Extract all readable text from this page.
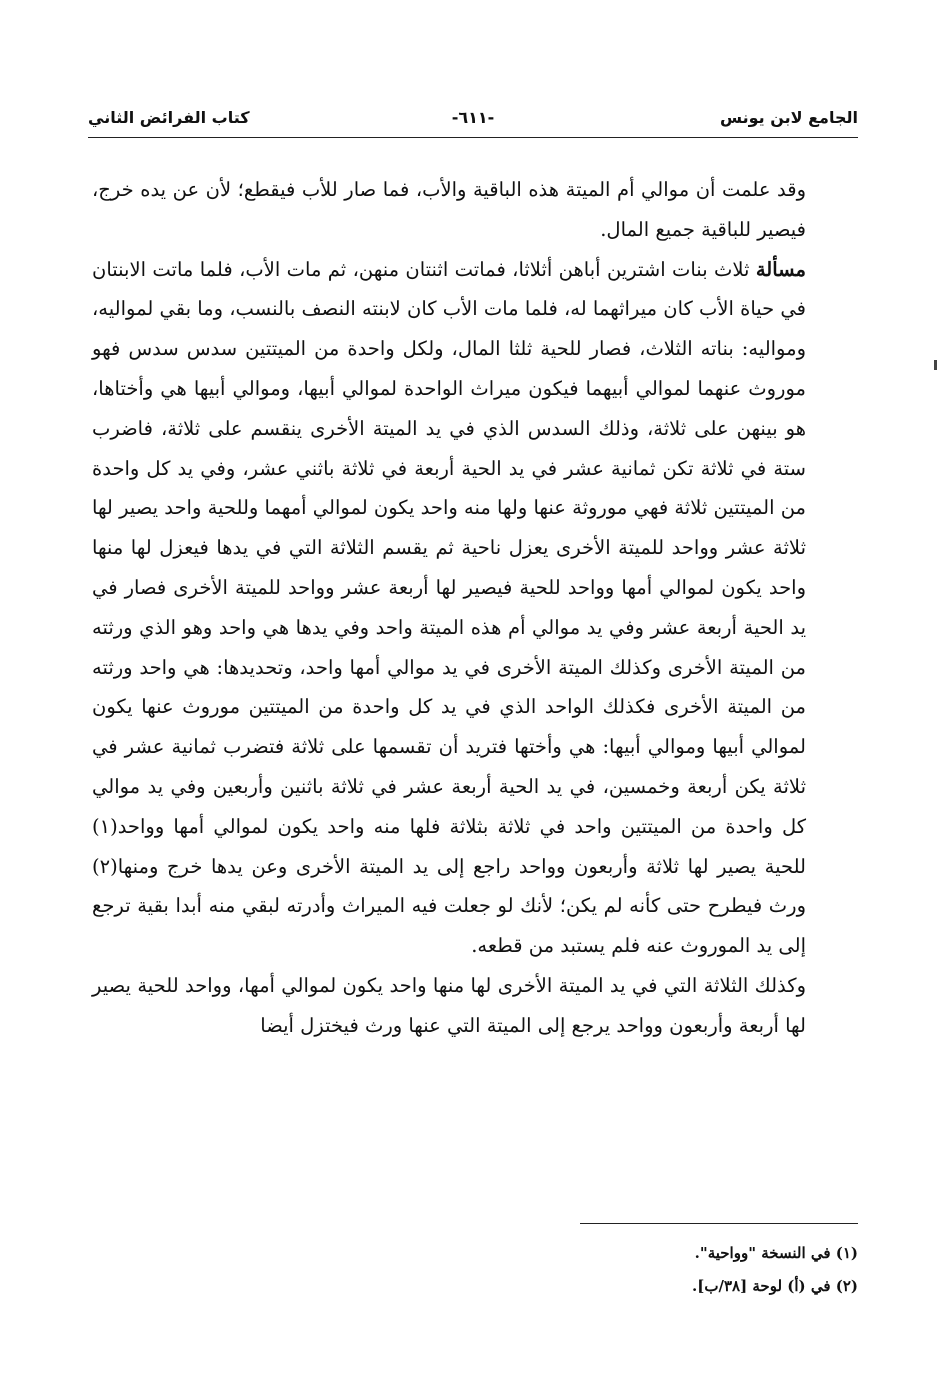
الجامع لابن يونس
-٦١١-
كتاب الفرائض الثاني

وقد علمت أن موالي أم الميتة هذه الباقية والأب، فما صار للأب فيقطع؛ لأن عن يده خرج، فيصير للباقية جميع المال.

مسألة ثلاث بنات اشترين أباهن أثلاثا، فماتت اثنتان منهن، ثم مات الأب، فلما ماتت الابنتان في حياة الأب كان ميراثهما له، فلما مات الأب كان لابنته النصف بالنسب، وما بقي لمواليه، ومواليه: بناته الثلاث، فصار للحية ثلثا المال، ولكل واحدة من الميتتين سدس سدس فهو موروث عنهما لموالي أبيهما فيكون ميراث الواحدة لموالي أبيها، وموالي أبيها هي وأختاها، هو بينهن على ثلاثة، وذلك السدس الذي في يد الميتة الأخرى ينقسم على ثلاثة، فاضرب ستة في ثلاثة تكن ثمانية عشر في يد الحية أربعة في ثلاثة باثني عشر، وفي يد كل واحدة من الميتتين ثلاثة فهي موروثة عنها ولها منه واحد يكون لموالي أمهما وللحية واحد يصير لها ثلاثة عشر وواحد للميتة الأخرى يعزل ناحية ثم يقسم الثلاثة التي في يدها فيعزل لها منها واحد يكون لموالي أمها وواحد للحية فيصير لها أربعة عشر وواحد للميتة الأخرى فصار في يد الحية أربعة عشر وفي يد موالي أم هذه الميتة واحد وفي يدها هي واحد وهو الذي ورثته من الميتة الأخرى وكذلك الميتة الأخرى في يد موالي أمها واحد، وتحديدها: هي واحد ورثته من الميتة الأخرى فكذلك الواحد الذي في يد كل واحدة من الميتتين موروث عنها يكون لموالي أبيها وموالي أبيها: هي وأختها فتريد أن تقسمها على ثلاثة فتضرب ثمانية عشر في ثلاثة يكن أربعة وخمسين، في يد الحية أربعة عشر في ثلاثة باثنين وأربعين وفي يد موالي كل واحدة من الميتتين واحد في ثلاثة بثلاثة فلها منه واحد يكون لموالي أمها وواحد(١) للحية يصير لها ثلاثة وأربعون وواحد راجع إلى يد الميتة الأخرى وعن يدها خرج ومنها(٢) ورث فيطرح حتى كأنه لم يكن؛ لأنك لو جعلت فيه الميراث وأدرته لبقي منه أبدا بقية ترجع إلى يد الموروث عنه فلم يستبد من قطعه.

وكذلك الثلاثة التي في يد الميتة الأخرى لها منها واحد يكون لموالي أمها، وواحد للحية يصير لها أربعة وأربعون وواحد يرجع إلى الميتة التي عنها ورث فيختزل أيضا

(١) في النسخة "وواحية".
(٢) في (أ) لوحة [٣٨/ب].
